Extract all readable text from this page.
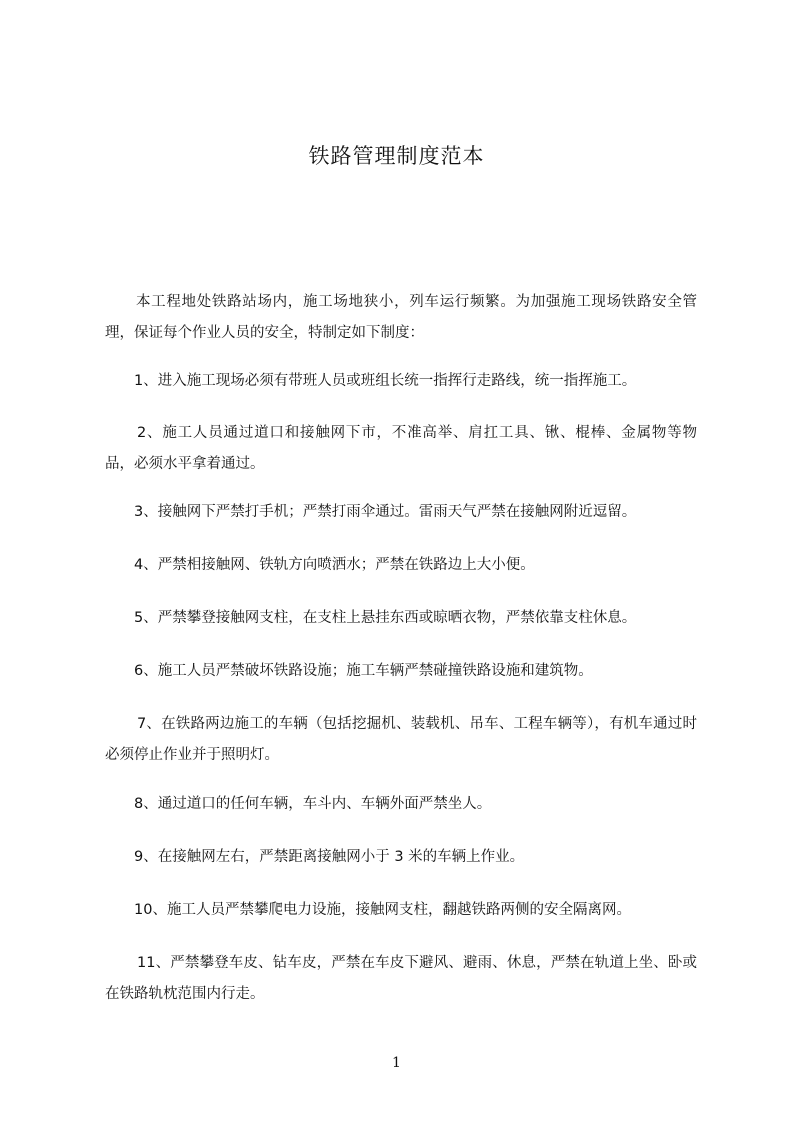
铁路管理制度范本

本工程地处铁路站场内，施工场地狭小，列车运行频繁。为加强施工现场铁路安全管理，保证每个作业人员的安全，特制定如下制度：

1、进入施工现场必须有带班人员或班组长统一指挥行走路线，统一指挥施工。

2、施工人员通过道口和接触网下市，不准高举、肩扛工具、锹、棍棒、金属物等物品，必须水平拿着通过。

3、接触网下严禁打手机；严禁打雨伞通过。雷雨天气严禁在接触网附近逗留。

4、严禁相接触网、铁轨方向喷洒水；严禁在铁路边上大小便。

5、严禁攀登接触网支柱，在支柱上悬挂东西或晾晒衣物，严禁依靠支柱休息。

6、施工人员严禁破坏铁路设施；施工车辆严禁碰撞铁路设施和建筑物。

7、在铁路两边施工的车辆（包括挖掘机、装载机、吊车、工程车辆等），有机车通过时必须停止作业并于照明灯。

8、通过道口的任何车辆，车斗内、车辆外面严禁坐人。

9、在接触网左右，严禁距离接触网小于 3 米的车辆上作业。

10、施工人员严禁攀爬电力设施，接触网支柱，翻越铁路两侧的安全隔离网。

11、严禁攀登车皮、钻车皮，严禁在车皮下避风、避雨、休息，严禁在轨道上坐、卧或在铁路轨枕范围内行走。

1
